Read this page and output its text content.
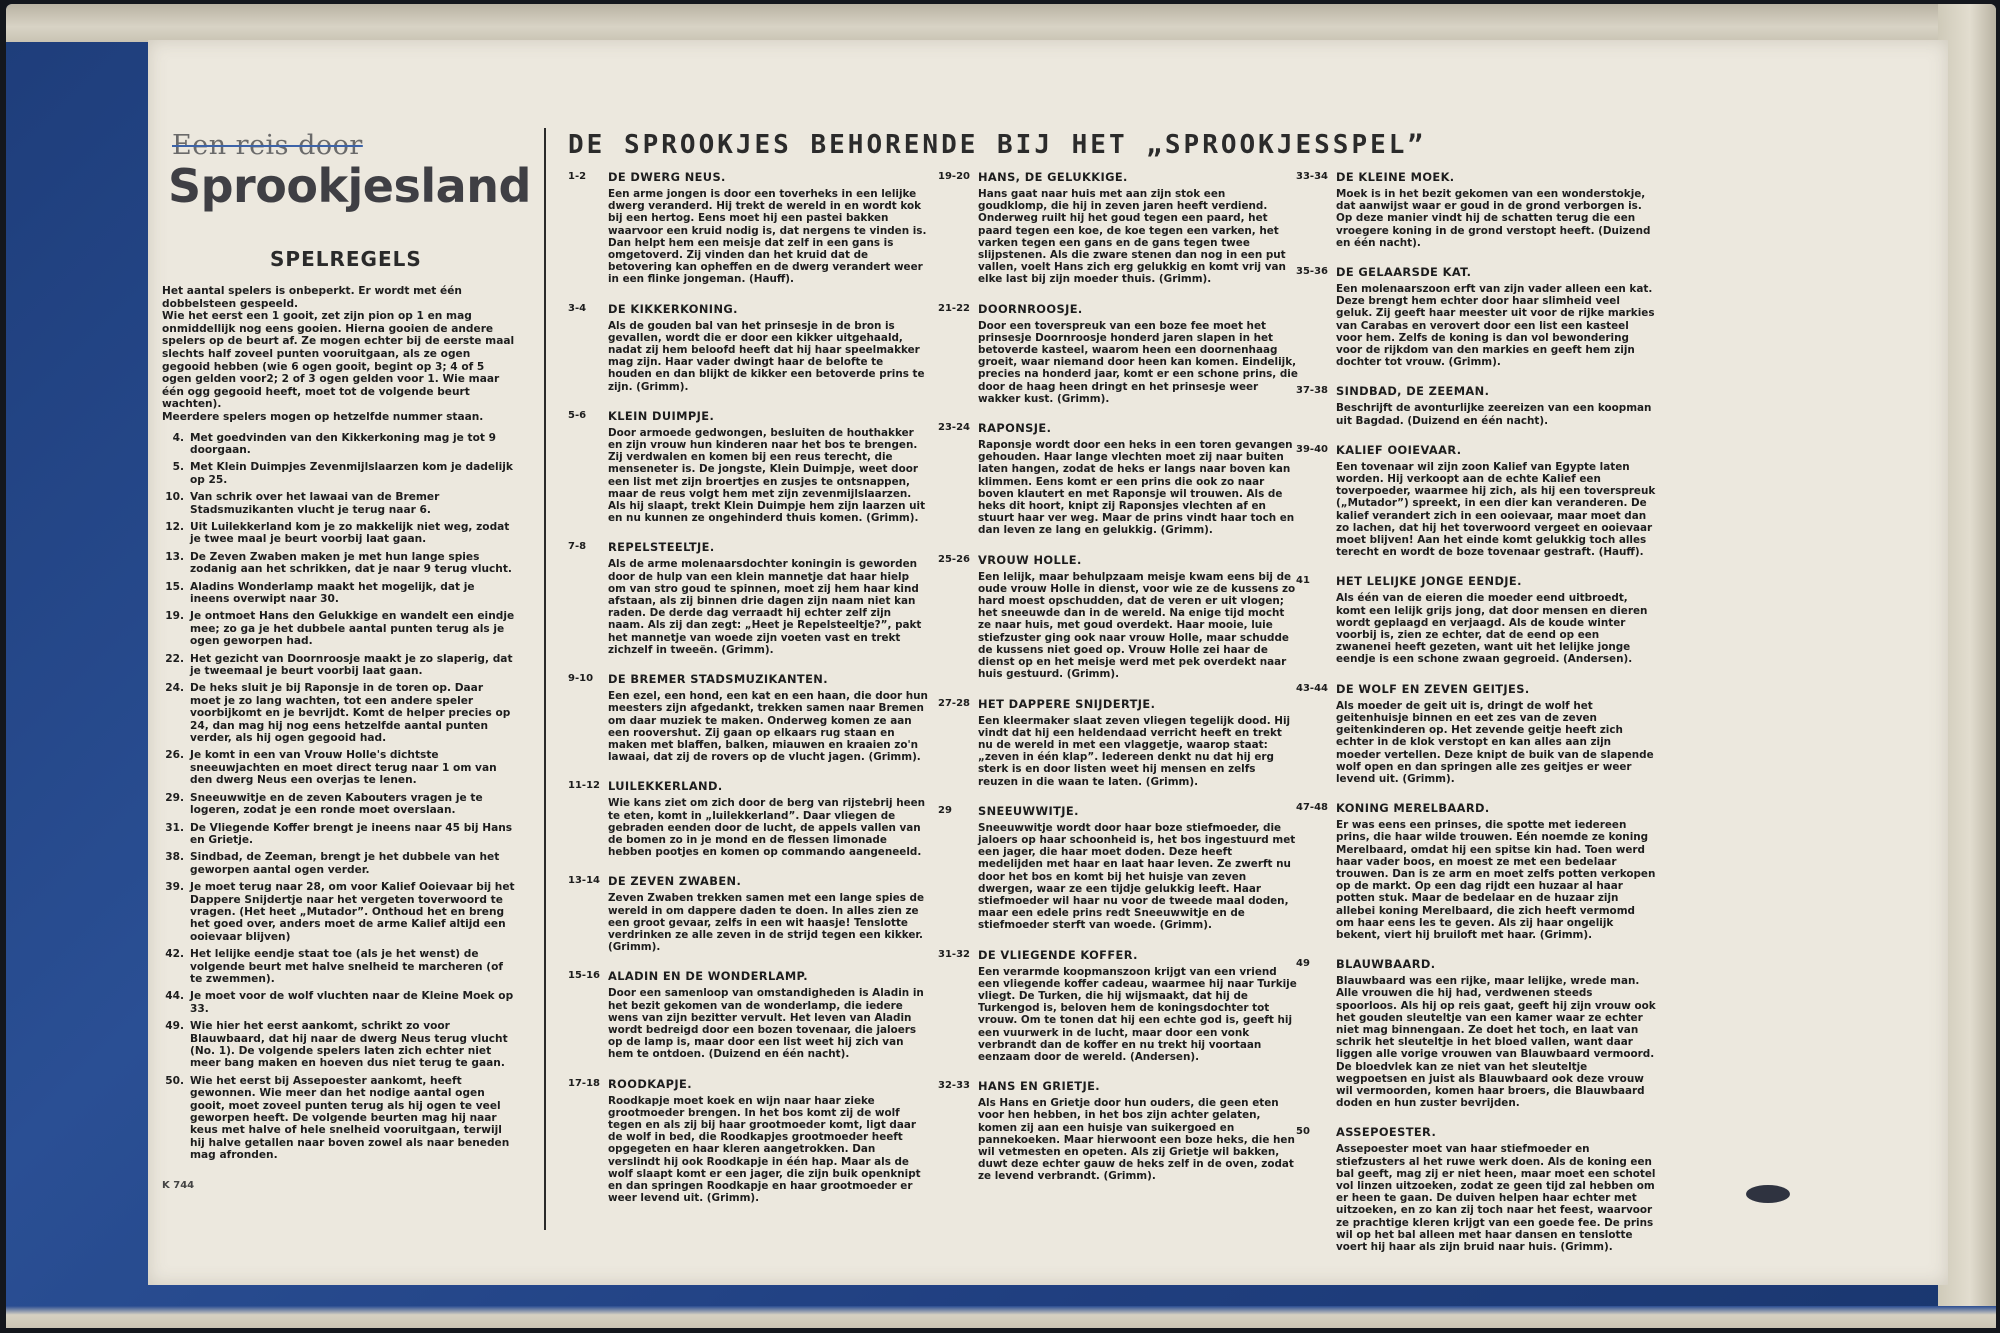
Een reis door
Sprookjesland
SPELREGELS

Het aantal spelers is onbeperkt. Er wordt met één dobbelsteen gespeeld.

Wie het eerst een 1 gooit, zet zijn pion op 1 en mag onmiddellijk nog eens gooien. Hierna gooien de andere spelers op de beurt af. Ze mogen echter bij de eerste maal slechts half zoveel punten vooruitgaan, als ze ogen gegooid hebben (wie 6 ogen gooit, begint op 3; 4 of 5 ogen gelden voor2; 2 of 3 ogen gelden voor 1. Wie maar één ogg gegooid heeft, moet tot de volgende beurt wachten).

Meerdere spelers mogen op hetzelfde nummer staan.

4. Met goedvinden van den Kikkerkoning mag je tot 9 doorgaan.
5. Met Klein Duimpjes Zevenmijlslaarzen kom je dadelijk op 25.
10. Van schrik over het lawaai van de Bremer Stadsmuzikanten vlucht je terug naar 6.
12. Uit Luilekkerland kom je zo makkelijk niet weg, zodat je twee maal je beurt voorbij laat gaan.
13. De Zeven Zwaben maken je met hun lange spies zodanig aan het schrikken, dat je naar 9 terug vlucht.
15. Aladins Wonderlamp maakt het mogelijk, dat je ineens overwipt naar 30.
19. Je ontmoet Hans den Gelukkige en wandelt een eindje mee; zo ga je het dubbele aantal punten terug als je ogen geworpen had.
22. Het gezicht van Doornroosje maakt je zo slaperig, dat je tweemaal je beurt voorbij laat gaan.
24. De heks sluit je bij Raponsje in de toren op. Daar moet je zo lang wachten, tot een andere speler voorbijkomt en je bevrijdt. Komt de helper precies op 24, dan mag hij nog eens hetzelfde aantal punten verder, als hij ogen gegooid had.
26. Je komt in een van Vrouw Holle's dichtste sneeuwjachten en moet direct terug naar 1 om van den dwerg Neus een overjas te lenen.
29. Sneeuwwitje en de zeven Kabouters vragen je te logeren, zodat je een ronde moet overslaan.
31. De Vliegende Koffer brengt je ineens naar 45 bij Hans en Grietje.
38. Sindbad, de Zeeman, brengt je het dubbele van het geworpen aantal ogen verder.
39. Je moet terug naar 28, om voor Kalief Ooievaar bij het Dappere Snijdertje naar het vergeten toverwoord te vragen. (Het heet „Mutador”. Onthoud het en breng het goed over, anders moet de arme Kalief altijd een ooievaar blijven)
42. Het lelijke eendje staat toe (als je het wenst) de volgende beurt met halve snelheid te marcheren (of te zwemmen).
44. Je moet voor de wolf vluchten naar de Kleine Moek op 33.
49. Wie hier het eerst aankomt, schrikt zo voor Blauwbaard, dat hij naar de dwerg Neus terug vlucht (No. 1). De volgende spelers laten zich echter niet meer bang maken en hoeven dus niet terug te gaan.
50. Wie het eerst bij Assepoester aankomt, heeft gewonnen. Wie meer dan het nodige aantal ogen gooit, moet zoveel punten terug als hij ogen te veel geworpen heeft. De volgende beurten mag hij naar keus met halve of hele snelheid vooruitgaan, terwijl hij halve getallen naar boven zowel als naar beneden mag afronden.
K 744
DE SPROOKJES BEHORENDE BIJ HET „SPROOKJESSPEL”
1-2	DE DWERG NEUS.
Een arme jongen is door een toverheks in een lelijke dwerg veranderd. Hij trekt de wereld in en wordt kok bij een hertog. Eens moet hij een pastei bakken waarvoor een kruid nodig is, dat nergens te vinden is. Dan helpt hem een meisje dat zelf in een gans is omgetoverd. Zij vinden dan het kruid dat de betovering kan opheffen en de dwerg verandert weer in een flinke jongeman. (Hauff).
3-4	DE KIKKERKONING.
Als de gouden bal van het prinsesje in de bron is gevallen, wordt die er door een kikker uitgehaald, nadat zij hem beloofd heeft dat hij haar speelmakker mag zijn. Haar vader dwingt haar de belofte te houden en dan blijkt de kikker een betoverde prins te zijn. (Grimm).
5-6	KLEIN DUIMPJE.
Door armoede gedwongen, besluiten de houthakker en zijn vrouw hun kinderen naar het bos te brengen. Zij verdwalen en komen bij een reus terecht, die menseneter is. De jongste, Klein Duimpje, weet door een list met zijn broertjes en zusjes te ontsnappen, maar de reus volgt hem met zijn zevenmijlslaarzen. Als hij slaapt, trekt Klein Duimpje hem zijn laarzen uit en nu kunnen ze ongehinderd thuis komen. (Grimm).
7-8	REPELSTEELTJE.
Als de arme molenaarsdochter koningin is geworden door de hulp van een klein mannetje dat haar hielp om van stro goud te spinnen, moet zij hem haar kind afstaan, als zij binnen drie dagen zijn naam niet kan raden. De derde dag verraadt hij echter zelf zijn naam. Als zij dan zegt: „Heet je Repelsteeltje?”, pakt het mannetje van woede zijn voeten vast en trekt zichzelf in tweeën. (Grimm).
9-10	DE BREMER STADSMUZIKANTEN.
Een ezel, een hond, een kat en een haan, die door hun meesters zijn afgedankt, trekken samen naar Bremen om daar muziek te maken. Onderweg komen ze aan een roovershut. Zij gaan op elkaars rug staan en maken met blaffen, balken, miauwen en kraaien zo'n lawaai, dat zij de rovers op de vlucht jagen. (Grimm).
11-12 LUILEKKERLAND.
Wie kans ziet om zich door de berg van rijstebrij heen te eten, komt in „luilekkerland”. Daar vliegen de gebraden eenden door de lucht, de appels vallen van de bomen zo in je mond en de flessen limonade hebben pootjes en komen op commando aangeneeld.
13-14 DE ZEVEN ZWABEN.
Zeven Zwaben trekken samen met een lange spies de wereld in om dappere daden te doen. In alles zien ze een groot gevaar, zelfs in een wit haasje! Tenslotte verdrinken ze alle zeven in de strijd tegen een kikker. (Grimm).
15-16 ALADIN EN DE WONDERLAMP.
Door een samenloop van omstandigheden is Aladin in het bezit gekomen van de wonderlamp, die iedere wens van zijn bezitter vervult. Het leven van Aladin wordt bedreigd door een bozen tovenaar, die jaloers op de lamp is, maar door een list weet hij zich van hem te ontdoen. (Duizend en één nacht).
17-18 ROODKAPJE.
Roodkapje moet koek en wijn naar haar zieke grootmoeder brengen. In het bos komt zij de wolf tegen en als zij bij haar grootmoeder komt, ligt daar de wolf in bed, die Roodkapjes grootmoeder heeft opgegeten en haar kleren aangetrokken. Dan verslindt hij ook Roodkapje in één hap. Maar als de wolf slaapt komt er een jager, die zijn buik openknipt en dan springen Roodkapje en haar grootmoeder er weer levend uit. (Grimm).
19-20 HANS, DE GELUKKIGE.
Hans gaat naar huis met aan zijn stok een goudklomp, die hij in zeven jaren heeft verdiend. Onderweg ruilt hij het goud tegen een paard, het paard tegen een koe, de koe tegen een varken, het varken tegen een gans en de gans tegen twee slijpstenen. Als die zware stenen dan nog in een put vallen, voelt Hans zich erg gelukkig en komt vrij van elke last bij zijn moeder thuis. (Grimm).
21-22 DOORNROOSJE.
Door een toverspreuk van een boze fee moet het prinsesje Doornroosje honderd jaren slapen in het betoverde kasteel, waarom heen een doornenhaag groeit, waar niemand door heen kan komen. Eindelijk, precies na honderd jaar, komt er een schone prins, die door de haag heen dringt en het prinsesje weer wakker kust. (Grimm).
23-24 RAPONSJE.
Raponsje wordt door een heks in een toren gevangen gehouden. Haar lange vlechten moet zij naar buiten laten hangen, zodat de heks er langs naar boven kan klimmen. Eens komt er een prins die ook zo naar boven klautert en met Raponsje wil trouwen. Als de heks dit hoort, knipt zij Raponsjes vlechten af en stuurt haar ver weg. Maar de prins vindt haar toch en dan leven ze lang en gelukkig. (Grimm).
25-26 VROUW HOLLE.
Een lelijk, maar behulpzaam meisje kwam eens bij de oude vrouw Holle in dienst, voor wie ze de kussens zo hard moest opschudden, dat de veren er uit vlogen; het sneeuwde dan in de wereld. Na enige tijd mocht ze naar huis, met goud overdekt. Haar mooie, luie stiefzuster ging ook naar vrouw Holle, maar schudde de kussens niet goed op. Vrouw Holle zei haar de dienst op en het meisje werd met pek overdekt naar huis gestuurd. (Grimm).
27-28 HET DAPPERE SNIJDERTJE.
Een kleermaker slaat zeven vliegen tegelijk dood. Hij vindt dat hij een heldendaad verricht heeft en trekt nu de wereld in met een vlaggetje, waarop staat: „zeven in één klap”. Iedereen denkt nu dat hij erg sterk is en door listen weet hij mensen en zelfs reuzen in die waan te laten. (Grimm).
29	SNEEUWWITJE.
Sneeuwwitje wordt door haar boze stiefmoeder, die jaloers op haar schoonheid is, het bos ingestuurd met een jager, die haar moet doden. Deze heeft medelijden met haar en laat haar leven. Ze zwerft nu door het bos en komt bij het huisje van zeven dwergen, waar ze een tijdje gelukkig leeft. Haar stiefmoeder wil haar nu voor de tweede maal doden, maar een edele prins redt Sneeuwwitje en de stiefmoeder sterft van woede. (Grimm).
31-32 DE VLIEGENDE KOFFER.
Een verarmde koopmanszoon krijgt van een vriend een vliegende koffer cadeau, waarmee hij naar Turkije vliegt. De Turken, die hij wijsmaakt, dat hij de Turkengod is, beloven hem de koningsdochter tot vrouw. Om te tonen dat hij een echte god is, geeft hij een vuurwerk in de lucht, maar door een vonk verbrandt dan de koffer en nu trekt hij voortaan eenzaam door de wereld. (Andersen).
32-33 HANS EN GRIETJE.
Als Hans en Grietje door hun ouders, die geen eten voor hen hebben, in het bos zijn achter gelaten, komen zij aan een huisje van suikergoed en pannekoeken. Maar hierwoont een boze heks, die hen wil vetmesten en opeten. Als zij Grietje wil bakken, duwt deze echter gauw de heks zelf in de oven, zodat ze levend verbrandt. (Grimm).
33-34 DE KLEINE MOEK.
Moek is in het bezit gekomen van een wonderstokje, dat aanwijst waar er goud in de grond verborgen is. Op deze manier vindt hij de schatten terug die een vroegere koning in de grond verstopt heeft. (Duizend en één nacht).
35-36 DE GELAARSDE KAT.
Een molenaarszoon erft van zijn vader alleen een kat. Deze brengt hem echter door haar slimheid veel geluk. Zij geeft haar meester uit voor de rijke markies van Carabas en verovert door een list een kasteel voor hem. Zelfs de koning is dan vol bewondering voor de rijkdom van den markies en geeft hem zijn dochter tot vrouw. (Grimm).
37-38 SINDBAD, DE ZEEMAN.
Beschrijft de avonturlijke zeereizen van een koopman uit Bagdad. (Duizend en één nacht).
39-40 KALIEF OOIEVAAR.
Een tovenaar wil zijn zoon Kalief van Egypte laten worden. Hij verkoopt aan de echte Kalief een toverpoeder, waarmee hij zich, als hij een toverspreuk („Mutador”) spreekt, in een dier kan veranderen. De kalief verandert zich in een ooievaar, maar moet dan zo lachen, dat hij het toverwoord vergeet en ooievaar moet blijven! Aan het einde komt gelukkig toch alles terecht en wordt de boze tovenaar gestraft. (Hauff).
41	HET LELIJKE JONGE EENDJE.
Als één van de eieren die moeder eend uitbroedt, komt een lelijk grijs jong, dat door mensen en dieren wordt geplaagd en verjaagd. Als de koude winter voorbij is, zien ze echter, dat de eend op een zwanenei heeft gezeten, want uit het lelijke jonge eendje is een schone zwaan gegroeid. (Andersen).
43-44 DE WOLF EN ZEVEN GEITJES.
Als moeder de geit uit is, dringt de wolf het geitenhuisje binnen en eet zes van de zeven geitenkinderen op. Het zevende geitje heeft zich echter in de klok verstopt en kan alles aan zijn moeder vertellen. Deze knipt de buik van de slapende wolf open en dan springen alle zes geitjes er weer levend uit. (Grimm).
47-48 KONING MERELBAARD.
Er was eens een prinses, die spotte met iedereen prins, die haar wilde trouwen. Eén noemde ze koning Merelbaard, omdat hij een spitse kin had. Toen werd haar vader boos, en moest ze met een bedelaar trouwen. Dan is ze arm en moet zelfs potten verkopen op de markt. Op een dag rijdt een huzaar al haar potten stuk. Maar de bedelaar en de huzaar zijn allebei koning Merelbaard, die zich heeft vermomd om haar eens les te geven. Als zij haar ongelijk bekent, viert hij bruiloft met haar. (Grimm).
49	BLAUWBAARD.
Blauwbaard was een rijke, maar lelijke, wrede man. Alle vrouwen die hij had, verdwenen steeds spoorloos. Als hij op reis gaat, geeft hij zijn vrouw ook het gouden sleuteltje van een kamer waar ze echter niet mag binnengaan. Ze doet het toch, en laat van schrik het sleuteltje in het bloed vallen, want daar liggen alle vorige vrouwen van Blauwbaard vermoord. De bloedvlek kan ze niet van het sleuteltje wegpoetsen en juist als Blauwbaard ook deze vrouw wil vermoorden, komen haar broers, die Blauwbaard doden en hun zuster bevrijden.
50	ASSEPOESTER.
Assepoester moet van haar stiefmoeder en stiefzusters al het ruwe werk doen. Als de koning een bal geeft, mag zij er niet heen, maar moet een schotel vol linzen uitzoeken, zodat ze geen tijd zal hebben om er heen te gaan. De duiven helpen haar echter met uitzoeken, en zo kan zij toch naar het feest, waarvoor ze prachtige kleren krijgt van een goede fee. De prins wil op het bal alleen met haar dansen en tenslotte voert hij haar als zijn bruid naar huis. (Grimm).
